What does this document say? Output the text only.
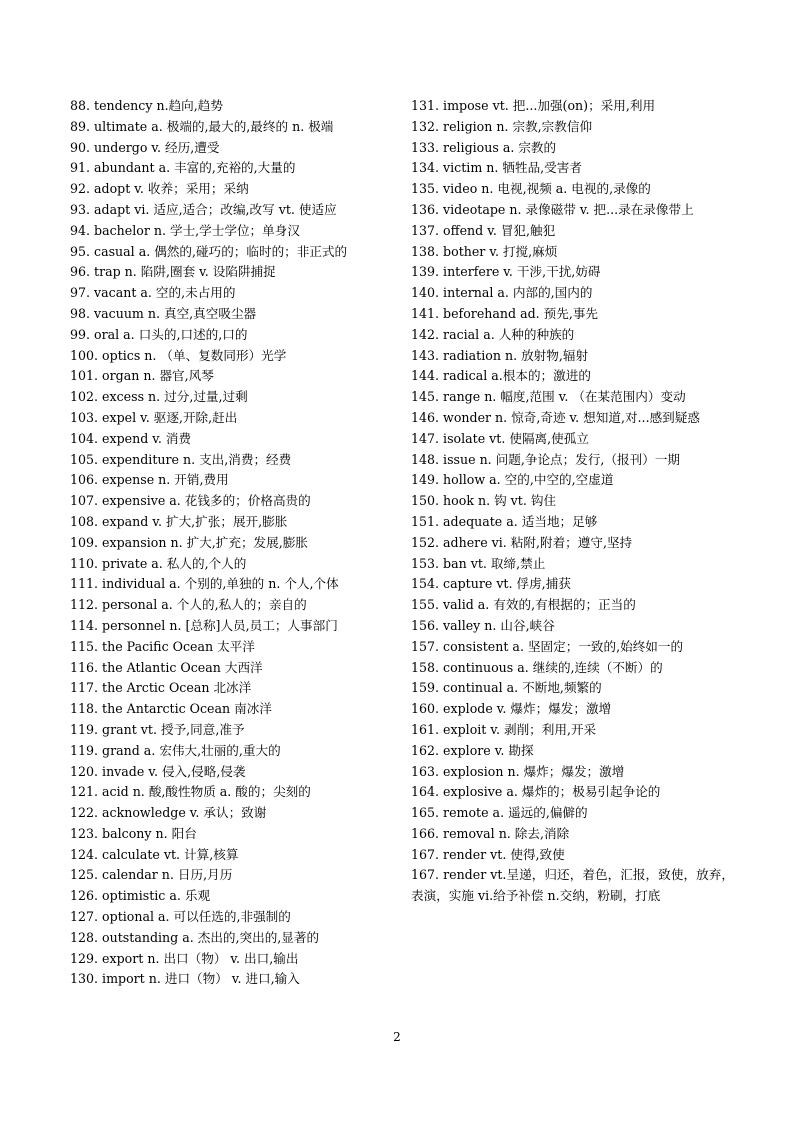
88. tendency n.趋向,趋势

89. ultimate a. 极端的,最大的,最终的 n. 极端

90. undergo v. 经历,遭受

91. abundant a. 丰富的,充裕的,大量的

92. adopt v. 收养；采用；采纳

93. adapt vi. 适应,适合；改编,改写 vt. 使适应

94. bachelor n. 学士,学士学位；单身汉

95. casual a. 偶然的,碰巧的；临时的；非正式的

96. trap n. 陷阱,圈套 v. 设陷阱捕捉

97. vacant a. 空的,未占用的

98. vacuum n. 真空,真空吸尘器

99. oral a. 口头的,口述的,口的

100. optics n. （单、复数同形）光学

101. organ n. 器官,风琴

102. excess n. 过分,过量,过剩

103. expel v. 驱逐,开除,赶出

104. expend v. 消费

105. expenditure n. 支出,消费；经费

106. expense n. 开销,费用

107. expensive a. 花钱多的；价格高贵的

108. expand v. 扩大,扩张；展开,膨胀

109. expansion n. 扩大,扩充；发展,膨胀

110. private a. 私人的,个人的

111. individual a. 个别的,单独的 n. 个人,个体

112. personal a. 个人的,私人的；亲自的

114. personnel n. [总称]人员,员工；人事部门

115. the Pacific Ocean 太平洋

116. the Atlantic Ocean 大西洋

117. the Arctic Ocean 北冰洋

118. the Antarctic Ocean 南冰洋

119. grant vt. 授予,同意,准予

119. grand a. 宏伟大,壮丽的,重大的

120. invade v. 侵入,侵略,侵袭

121. acid n. 酸,酸性物质 a. 酸的；尖刻的

122. acknowledge v. 承认；致谢

123. balcony n. 阳台

124. calculate vt. 计算,核算

125. calendar n. 日历,月历

126. optimistic a. 乐观

127. optional a. 可以任选的,非强制的

128. outstanding a. 杰出的,突出的,显著的

129. export n. 出口（物） v. 出口,输出

130. import n. 进口（物） v. 进口,输入

131. impose vt. 把...加强(on)；采用,利用

132. religion n. 宗教,宗教信仰

133. religious a. 宗教的

134. victim n. 牺牲品,受害者

135. video n. 电视,视频 a. 电视的,录像的

136. videotape n. 录像磁带 v. 把...录在录像带上

137. offend v. 冒犯,触犯

138. bother v. 打搅,麻烦

139. interfere v. 干涉,干扰,妨碍

140. internal a. 内部的,国内的

141. beforehand ad. 预先,事先

142. racial a. 人种的种族的

143. radiation n. 放射物,辐射

144. radical a.根本的；激进的

145. range n. 幅度,范围 v. （在某范围内）变动

146. wonder n. 惊奇,奇迹 v. 想知道,对...感到疑惑

147. isolate vt. 使隔离,使孤立

148. issue n. 问题,争论点；发行,（报刊）一期

149. hollow a. 空的,中空的,空虚道

150. hook n. 钩 vt. 钩住

151. adequate a. 适当地；足够

152. adhere vi. 粘附,附着；遵守,坚持

153. ban vt. 取缔,禁止

154. capture vt. 俘虏,捕获

155. valid a. 有效的,有根据的；正当的

156. valley n. 山谷,峡谷

157. consistent a. 坚固定；一致的,始终如一的

158. continuous a. 继续的,连续（不断）的

159. continual a. 不断地,频繁的

160. explode v. 爆炸；爆发；激增

161. exploit v. 剥削；利用,开采

162. explore v. 勘探

163. explosion n. 爆炸；爆发；激增

164. explosive a. 爆炸的；极易引起争论的

165. remote a. 遥远的,偏僻的

166. removal n. 除去,消除

167. render vt. 使得,致使

167. render vt.呈递，归还，着色，汇报，致使，放弃，表演，实施 vi.给予补偿 n.交纳，粉刷，打底

2
